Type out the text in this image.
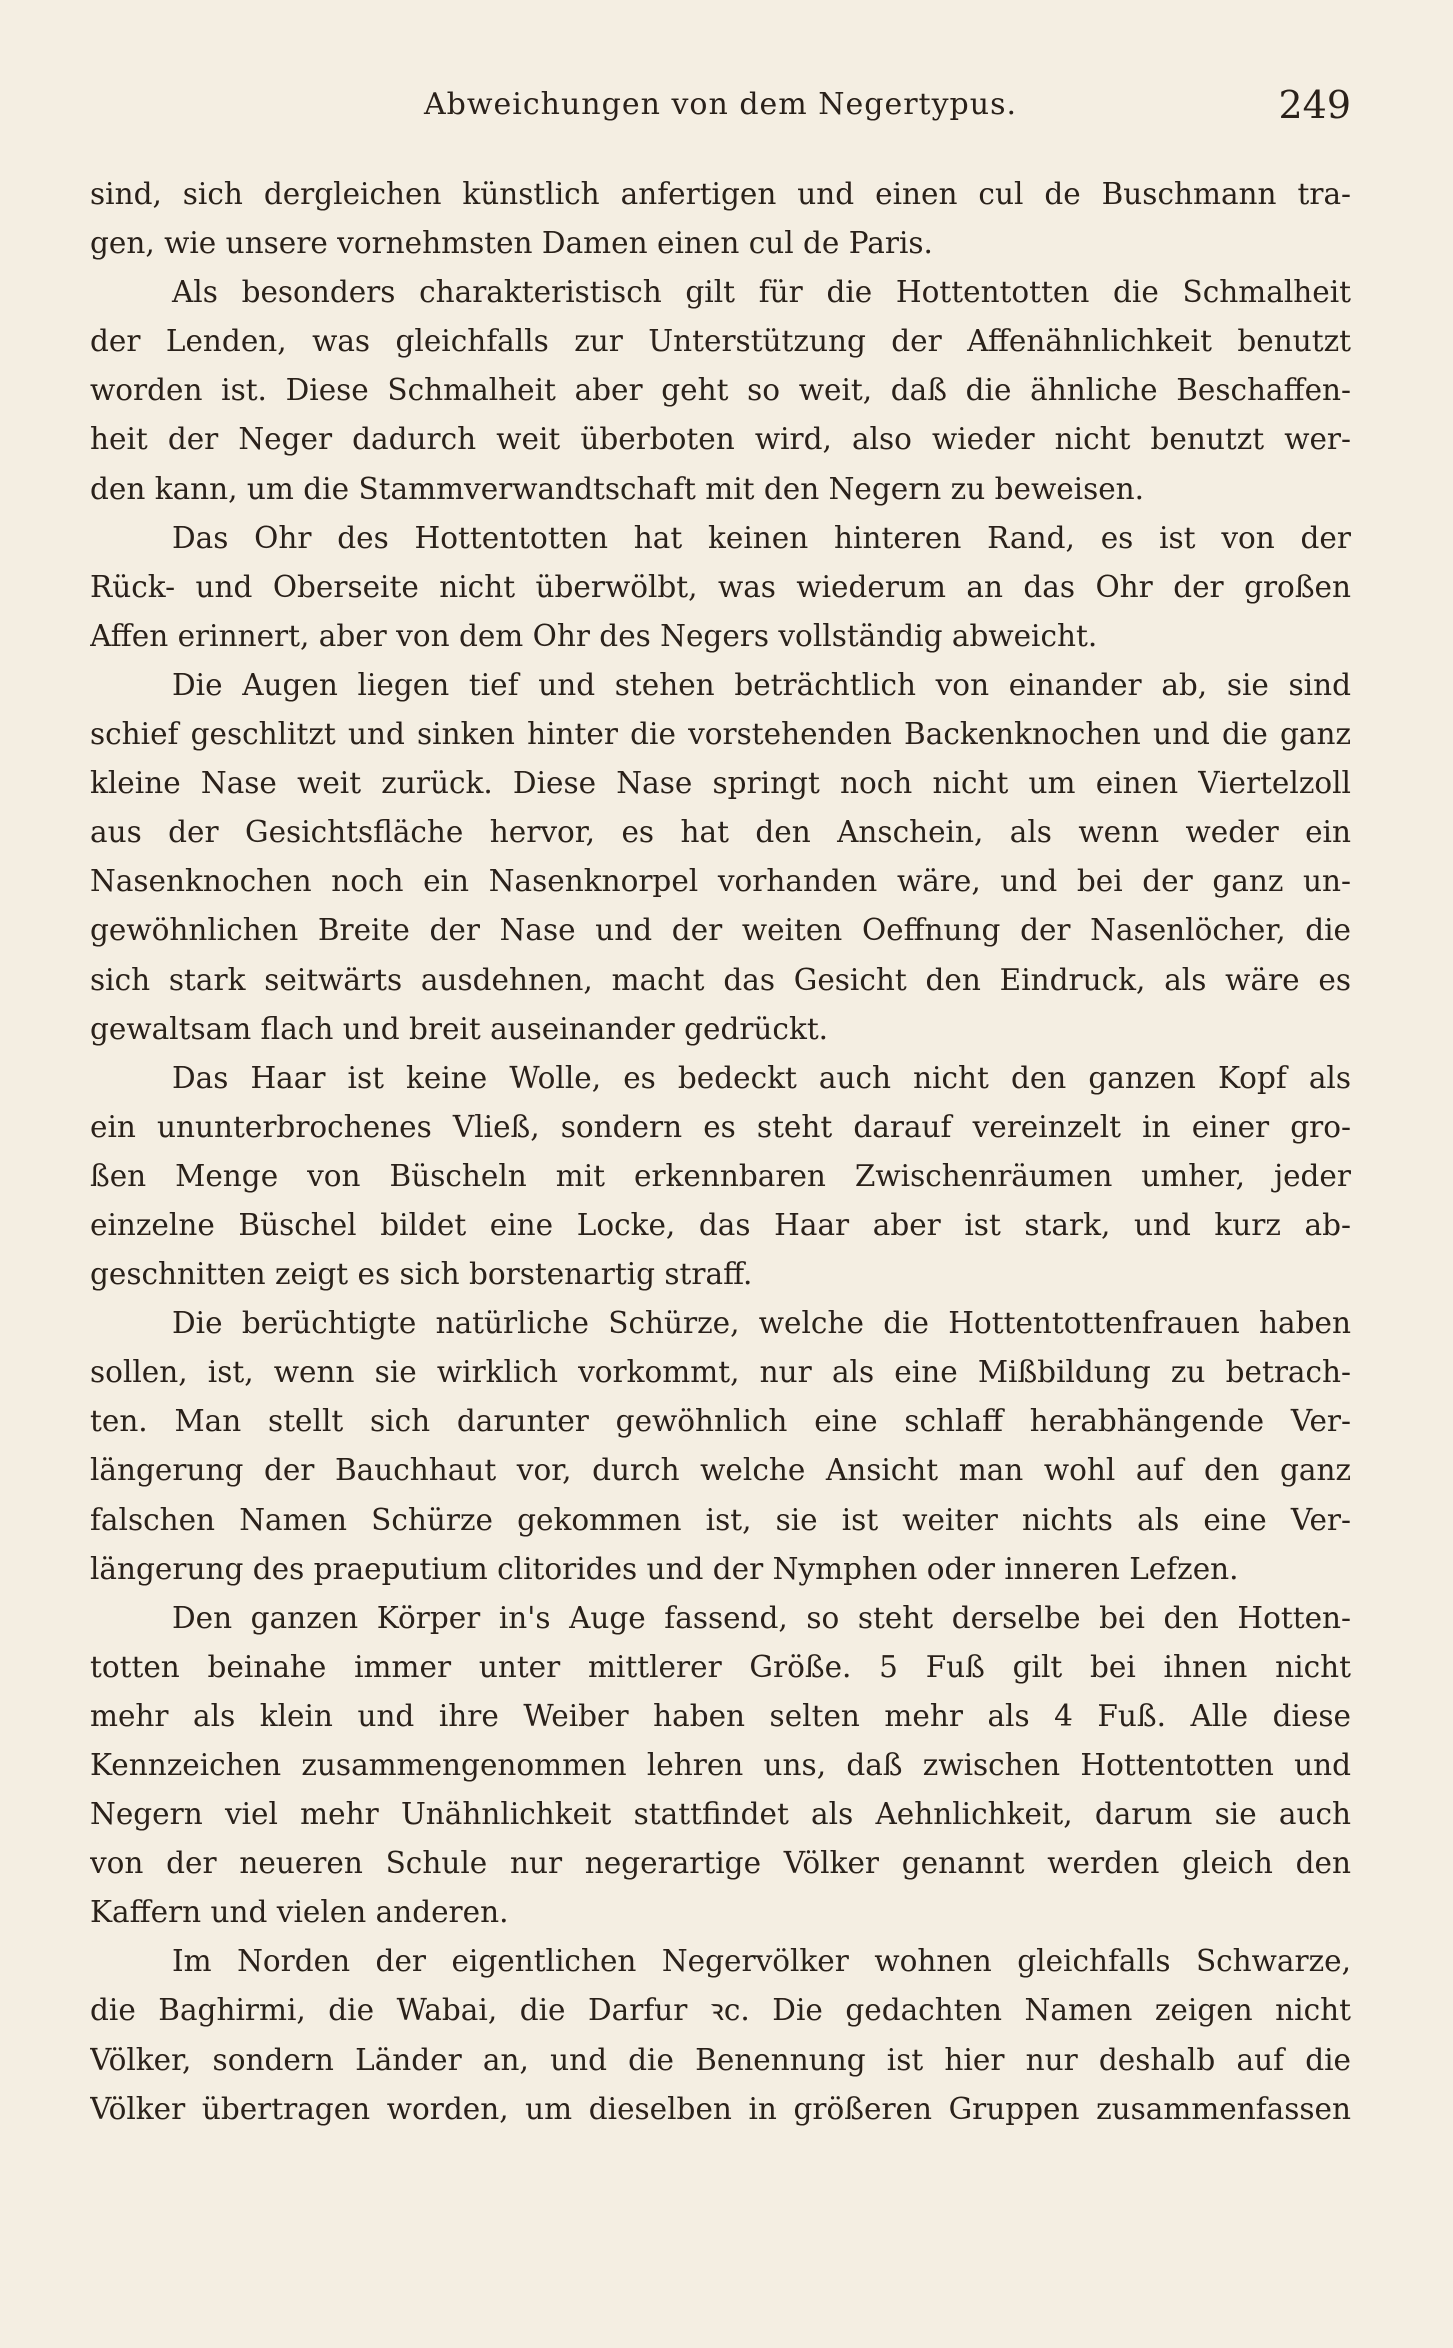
Abweichungen von dem Negertypus.	249
sind, sich dergleichen künstlich anfertigen und einen cul de Buschmann tra-
gen, wie unsere vornehmsten Damen einen cul de Paris.
Als besonders charakteristisch gilt für die Hottentotten die Schmalheit
der Lenden, was gleichfalls zur Unterstützung der Affenähnlichkeit benutzt
worden ist. Diese Schmalheit aber geht so weit, daß die ähnliche Beschaffen-
heit der Neger dadurch weit überboten wird, also wieder nicht benutzt wer-
den kann, um die Stammverwandtschaft mit den Negern zu beweisen.
Das Ohr des Hottentotten hat keinen hinteren Rand, es ist von der
Rück- und Oberseite nicht überwölbt, was wiederum an das Ohr der großen
Affen erinnert, aber von dem Ohr des Negers vollständig abweicht.
Die Augen liegen tief und stehen beträchtlich von einander ab, sie sind
schief geschlitzt und sinken hinter die vorstehenden Backenknochen und die ganz
kleine Nase weit zurück. Diese Nase springt noch nicht um einen Viertelzoll
aus der Gesichtsfläche hervor, es hat den Anschein, als wenn weder ein
Nasenknochen noch ein Nasenknorpel vorhanden wäre, und bei der ganz un-
gewöhnlichen Breite der Nase und der weiten Oeffnung der Nasenlöcher, die
sich stark seitwärts ausdehnen, macht das Gesicht den Eindruck, als wäre es
gewaltsam flach und breit auseinander gedrückt.
Das Haar ist keine Wolle, es bedeckt auch nicht den ganzen Kopf als
ein ununterbrochenes Vließ, sondern es steht darauf vereinzelt in einer gro-
ßen Menge von Büscheln mit erkennbaren Zwischenräumen umher, jeder
einzelne Büschel bildet eine Locke, das Haar aber ist stark, und kurz ab-
geschnitten zeigt es sich borstenartig straff.
Die berüchtigte natürliche Schürze, welche die Hottentottenfrauen haben
sollen, ist, wenn sie wirklich vorkommt, nur als eine Mißbildung zu betrach-
ten. Man stellt sich darunter gewöhnlich eine schlaff herabhängende Ver-
längerung der Bauchhaut vor, durch welche Ansicht man wohl auf den ganz
falschen Namen Schürze gekommen ist, sie ist weiter nichts als eine Ver-
längerung des praeputium clitorides und der Nymphen oder inneren Lefzen.
Den ganzen Körper in's Auge fassend, so steht derselbe bei den Hotten-
totten beinahe immer unter mittlerer Größe. 5 Fuß gilt bei ihnen nicht
mehr als klein und ihre Weiber haben selten mehr als 4 Fuß. Alle diese
Kennzeichen zusammengenommen lehren uns, daß zwischen Hottentotten und
Negern viel mehr Unähnlichkeit stattfindet als Aehnlichkeit, darum sie auch
von der neueren Schule nur negerartige Völker genannt werden gleich den
Kaffern und vielen anderen.
Im Norden der eigentlichen Negervölker wohnen gleichfalls Schwarze,
die Baghirmi, die Wabai, die Darfur ꝛc. Die gedachten Namen zeigen nicht
Völker, sondern Länder an, und die Benennung ist hier nur deshalb auf die
Völker übertragen worden, um dieselben in größeren Gruppen zusammenfassen
